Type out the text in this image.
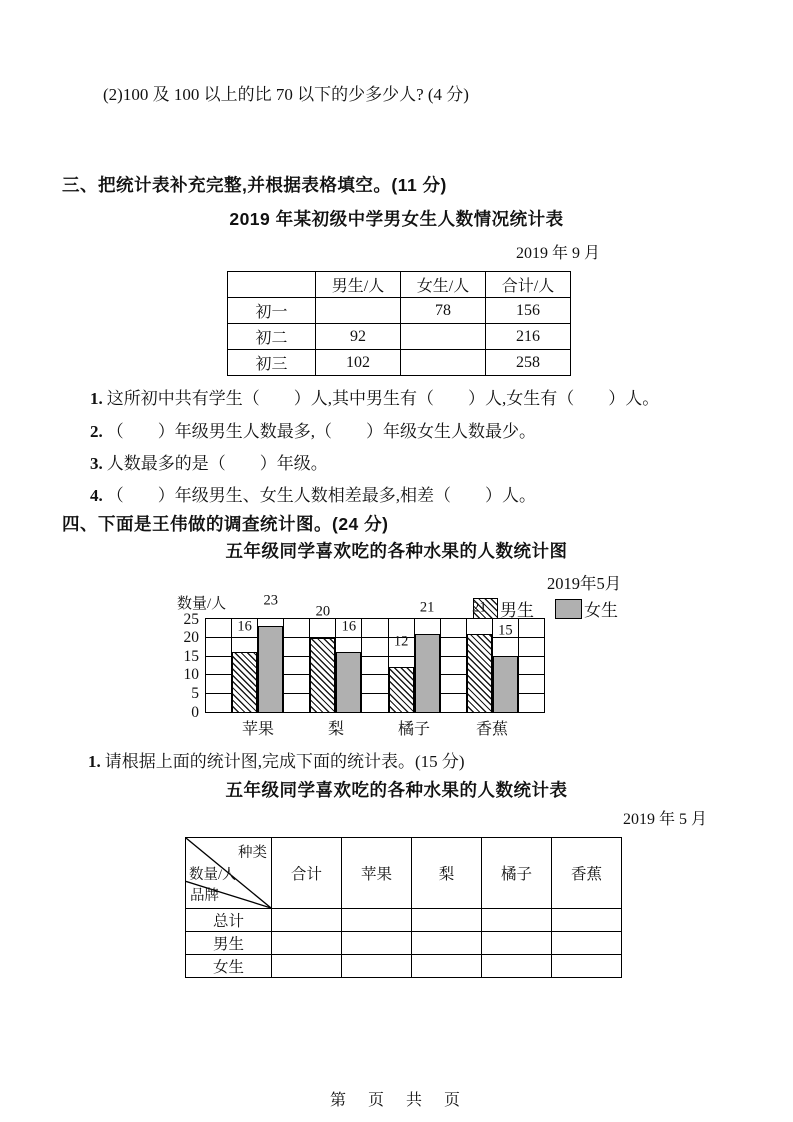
(2)100 及 100 以上的比 70 以下的少多少人? (4 分)
三、把统计表补充完整,并根据表格填空。(11 分)
2019 年某初级中学男女生人数情况统计表
2019 年 9 月
	男生/人	女生/人	合计/人
初一		78	156
初二	92		216
初三	102		258
1. 这所初中共有学生（　　）人,其中男生有（　　）人,女生有（　　）人。
2. （　　）年级男生人数最多,（　　）年级女生人数最少。
3. 人数最多的是（　　）年级。
4. （　　）年级男生、女生人数相差最多,相差（　　）人。
四、下面是王伟做的调查统计图。(24 分)
五年级同学喜欢吃的各种水果的人数统计图
2019年5月
男生	女生
数量/人
0
5
10
15
20
25	16
23
20
16
12
21	21
15
苹果	梨	橘子	香蕉
1. 请根据上面的统计图,完成下面的统计表。(15 分)
五年级同学喜欢吃的各种水果的人数统计表
2019 年 5 月
种类
数量/人
品牌	合计	苹果	梨	橘子	香蕉
总计					
男生					
女生					
第　页　共　页
